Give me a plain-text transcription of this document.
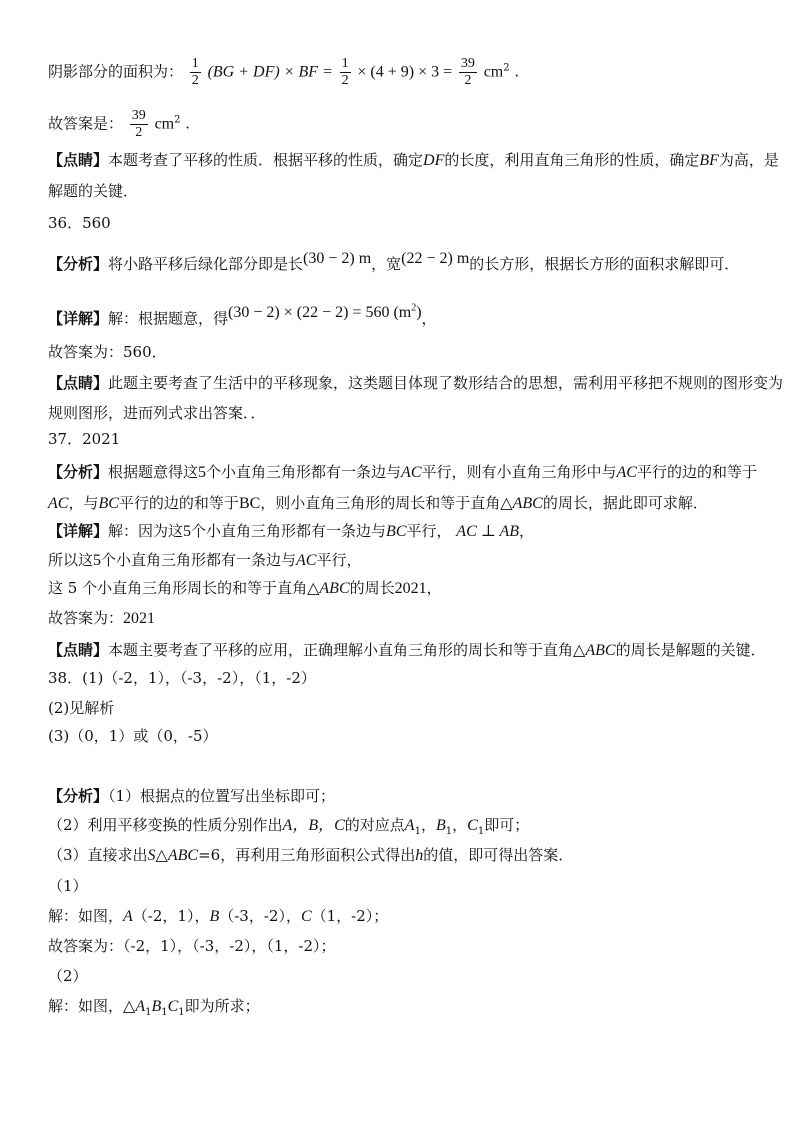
阴影部分的面积为： $\frac{1}{2} (BG + DF)$ × BF = $\frac{1}{2} \times (4 + 9) \times 3 = \frac{39}{2} cm^2$ .
故答案是： $\frac{39}{2} cm^2$ .
【点睛】本题考查了平移的性质．根据平移的性质，确定DF的长度，利用直角三角形的性质，确定BF为高，是
解题的关键．
36．560
【分析】将小路平移后绿化部分即是长(30 − 2) m，宽(22 − 2) m的长方形，根据长方形的面积求解即可．
【详解】解：根据题意，得(30 − 2) × (22 − 2) = 560 $(m^2)$，
故答案为：560．
【点睛】此题主要考查了生活中的平移现象，这类题目体现了数形结合的思想，需利用平移把不规则的图形变为
规则图形，进而列式求出答案．．
37．2021
【分析】根据题意得这5个小直角三角形都有一条边与AC平行，则有小直角三角形中与AC平行的边的和等于
AC，与BC平行的边的和等于BC，则小直角三角形的周长和等于直角△ABC的周长，据此即可求解．
【详解】解：因为这5个小直角三角形都有一条边与BC平行， AC ⊥ AB，
所以这5个小直角三角形都有一条边与AC平行，
这 5 个小直角三角形周长的和等于直角△ABC的周长2021，
故答案为：2021
【点睛】本题主要考查了平移的应用，正确理解小直角三角形的周长和等于直角△ABC的周长是解题的关键．
38．(1)（-2，1），（-3，-2），（1，-2）
(2)见解析
(3)（0，1）或（0，-5）
【分析】（1）根据点的位置写出坐标即可；
（2）利用平移变换的性质分别作出A，B，C的对应点$A_1$，$B_1$，$C_1$即可；
（3）直接求出S△ABC=6，再利用三角形面积公式得出h的值，即可得出答案．
（1）
解：如图，A（-2，1），B（-3，-2），C（1，-2）；
故答案为：（-2，1），（-3，-2），（1，-2）；
（2）
解：如图，$\triangle A_1B_1C_1$即为所求；
